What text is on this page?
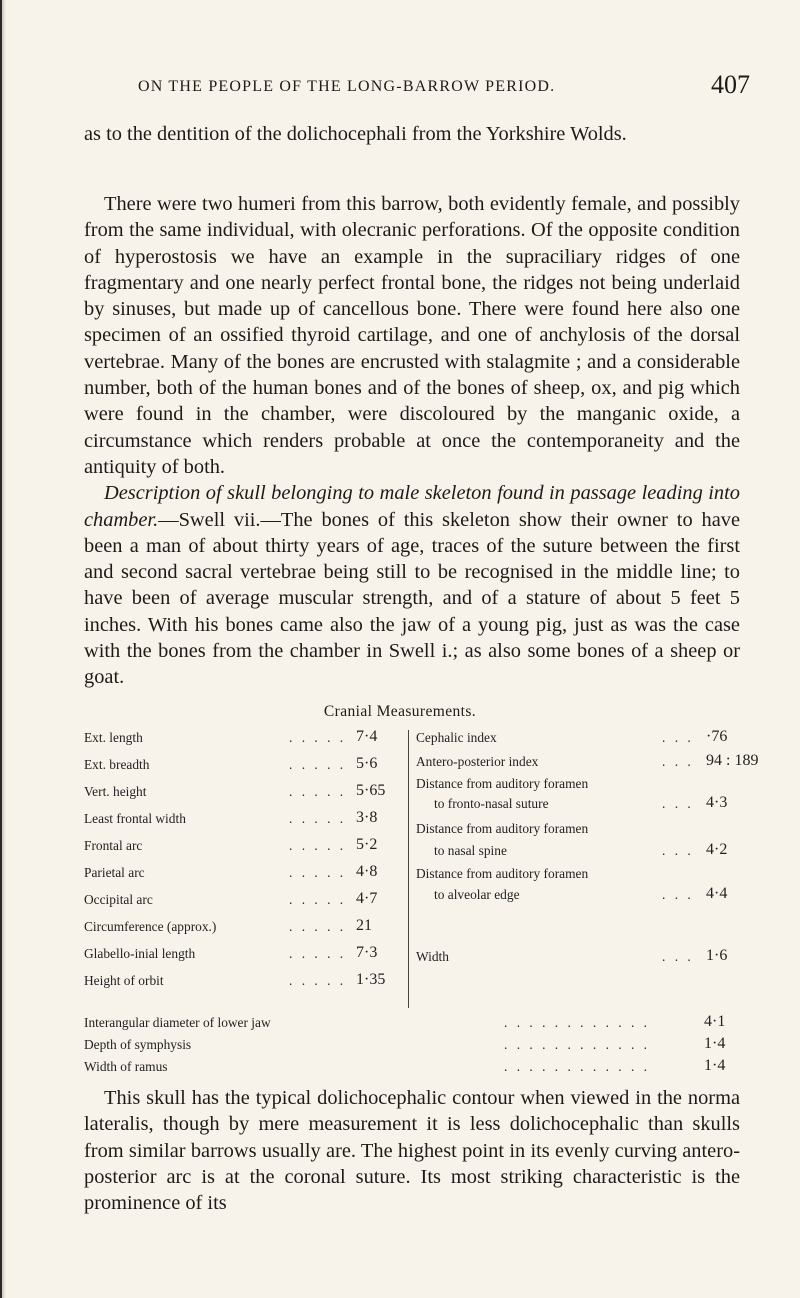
ON THE PEOPLE OF THE LONG-BARROW PERIOD.	407

as to the dentition of the dolichocephali from the Yorkshire Wolds.

There were two humeri from this barrow, both evidently female, and possibly from the same individual, with olecranic perforations. Of the opposite condition of hyperostosis we have an example in the supraciliary ridges of one fragmentary and one nearly perfect frontal bone, the ridges not being underlaid by sinuses, but made up of cancellous bone. There were found here also one specimen of an ossified thyroid cartilage, and one of anchylosis of the dorsal vertebrae. Many of the bones are encrusted with stalagmite ; and a considerable number, both of the human bones and of the bones of sheep, ox, and pig which were found in the chamber, were discoloured by the manganic oxide, a circumstance which renders probable at once the contemporaneity and the antiquity of both.

Description of skull belonging to male skeleton found in passage leading into chamber.—Swell vii.—The bones of this skeleton show their owner to have been a man of about thirty years of age, traces of the suture between the first and second sacral vertebrae being still to be recognised in the middle line; to have been of average muscular strength, and of a stature of about 5 feet 5 inches. With his bones came also the jaw of a young pig, just as was the case with the bones from the chamber in Swell i.; as also some bones of a sheep or goat.

Cranial Measurements.
Ext. length	. . . . . 7·4
Ext. breadth	. . . . . 5·6
Vert. height	. . . . . 5·65
Least frontal width	. . . . . 3·8
Frontal arc	. . . . . 5·2
Parietal arc	. . . . . 4·8
Occipital arc	. . . . . 4·7
Circumference (approx.)	. . . . . 21
Glabello-inial length	. . . . . 7·3
Height of orbit	. . . . . 1·35
Cephalic index	. . . ·76
Antero-posterior index	. . . 94 : 189
Distance from auditory foramen
to fronto-nasal suture	. . . 4·3
Distance from auditory foramen
to nasal spine	. . . 4·2
Distance from auditory foramen
to alveolar edge	. . . 4·4
Width	. . . 1·6
Interangular diameter of lower jaw	. . . . . . . . . . . .	4·1
Depth of symphysis	. . . . . . . . . . . .	1·4
Width of ramus	. . . . . . . . . . . .	1·4

This skull has the typical dolichocephalic contour when viewed in the norma lateralis, though by mere measurement it is less dolichocephalic than skulls from similar barrows usually are. The highest point in its evenly curving antero-posterior arc is at the coronal suture. Its most striking characteristic is the prominence of its
